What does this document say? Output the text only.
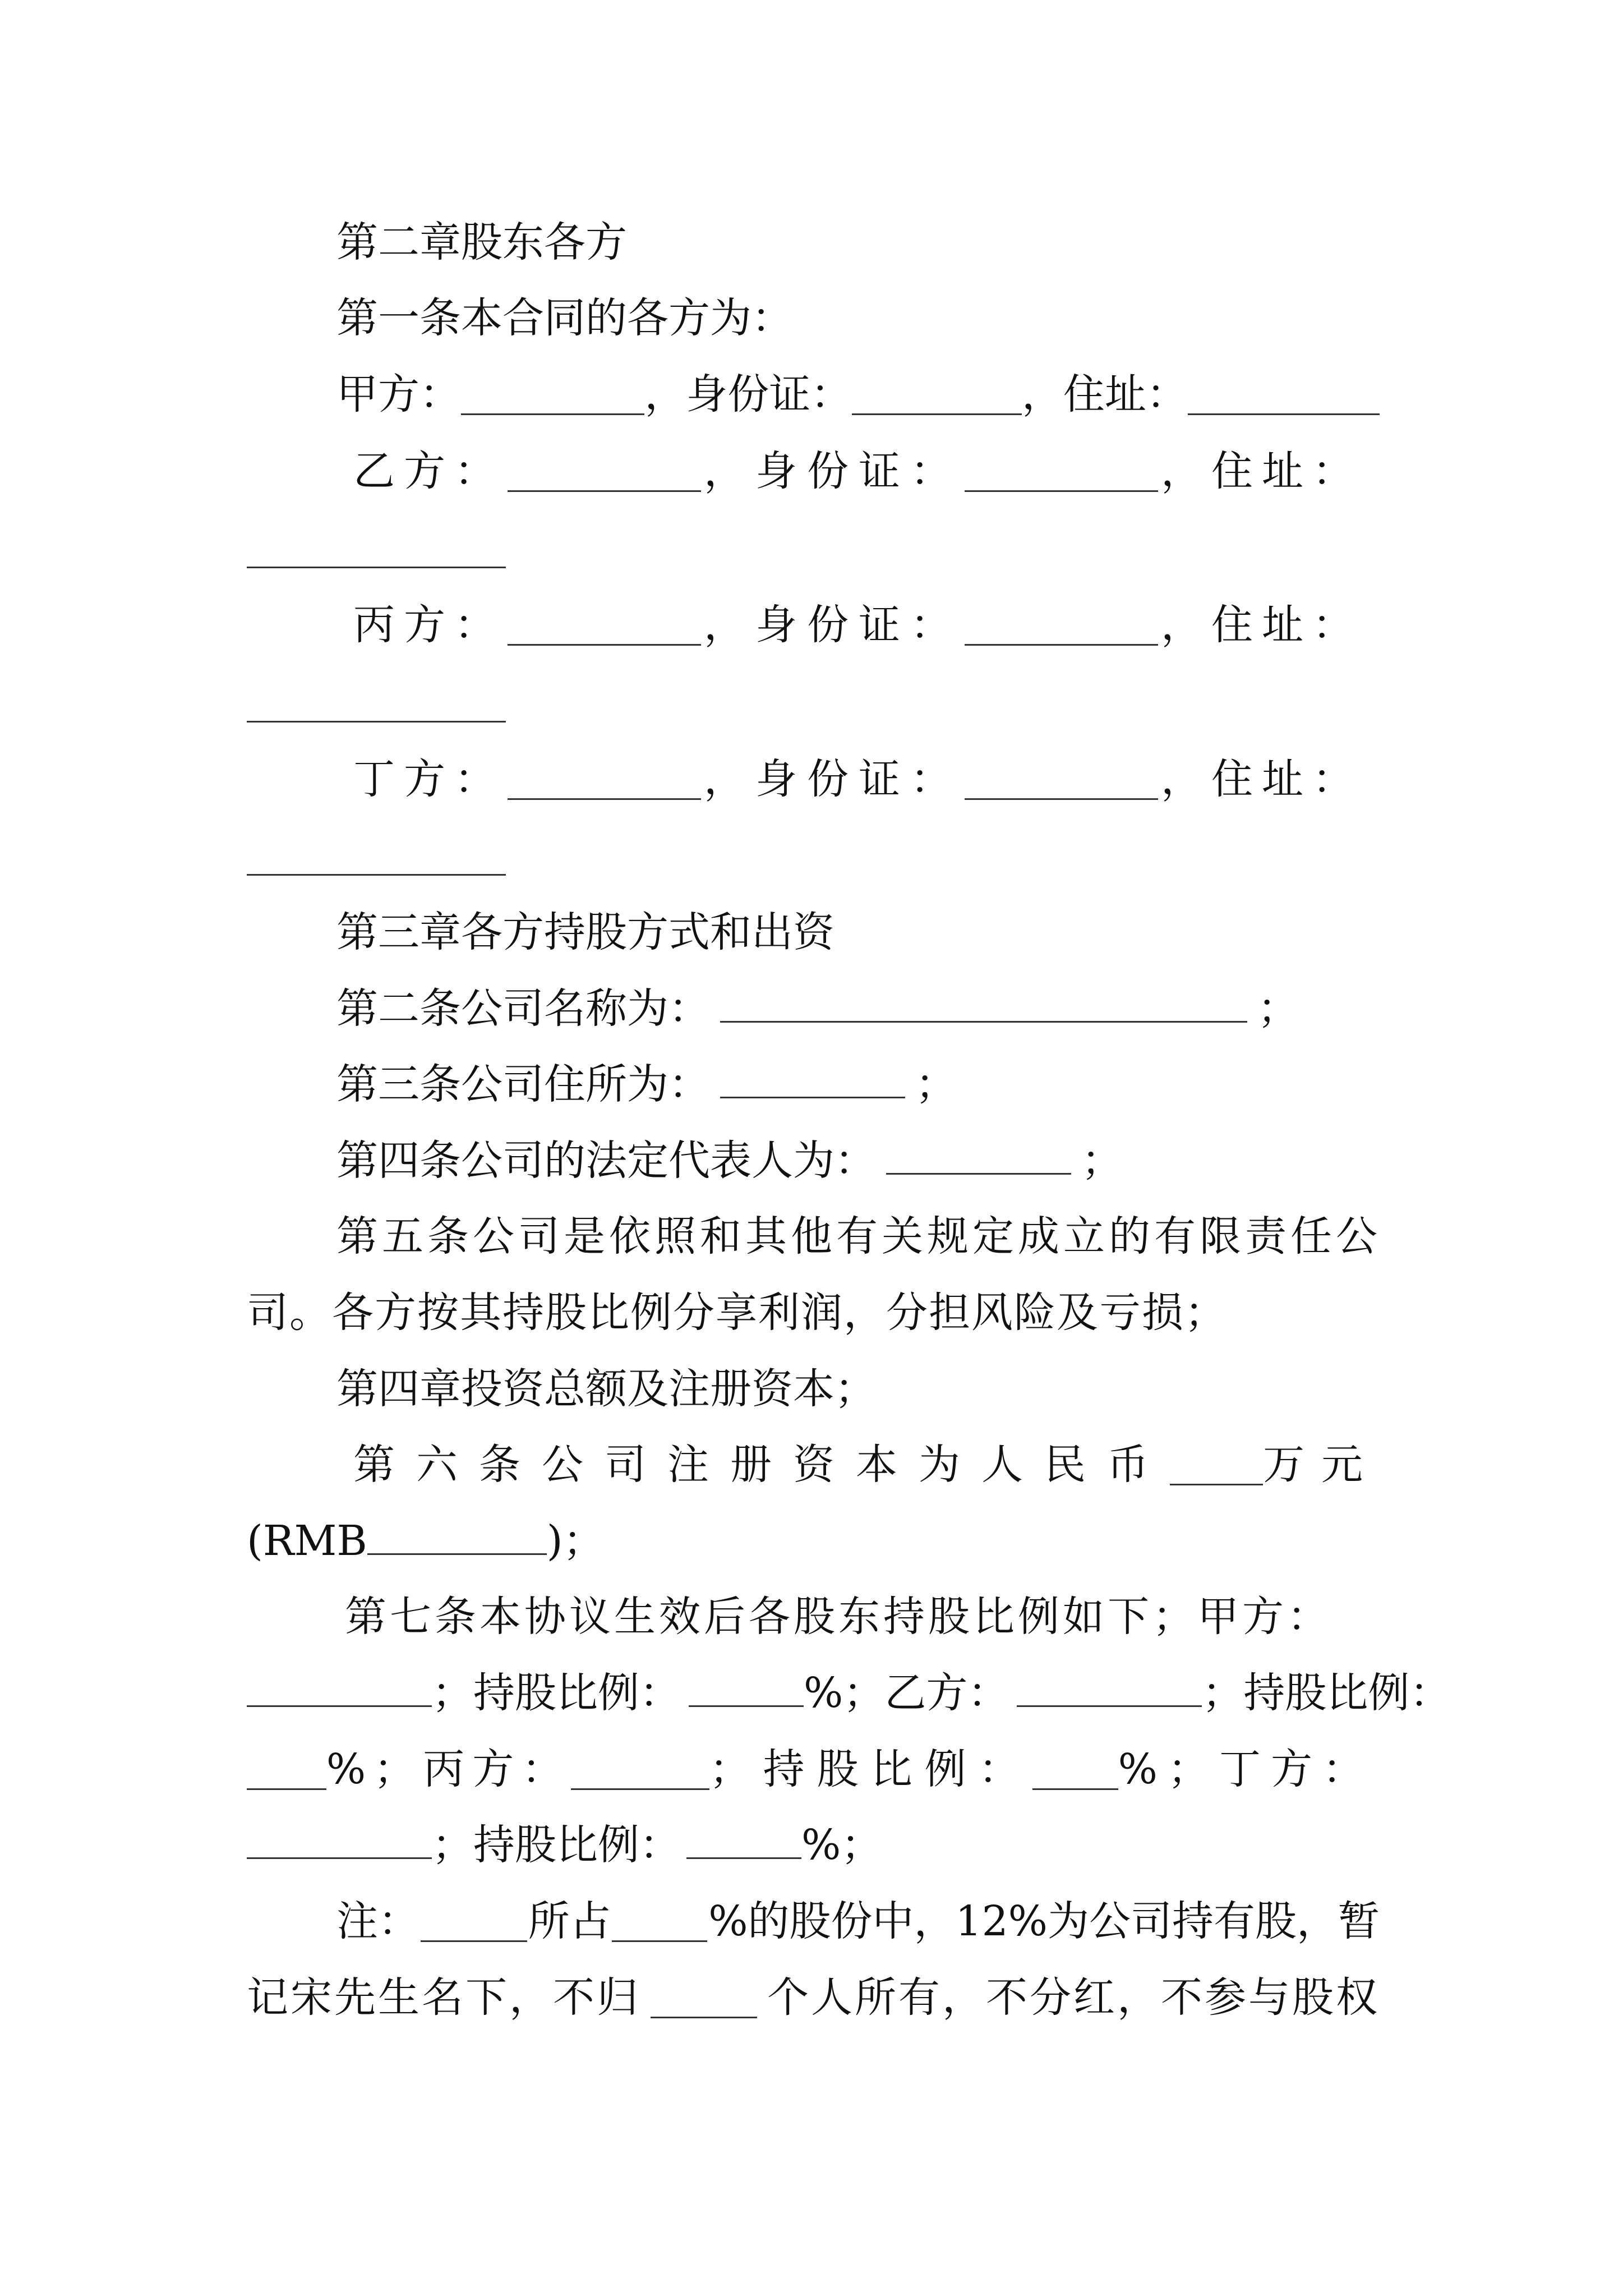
第二章股东各方
第一条本合同的各方为：
甲方：	，身份证：	，住址：
乙方：	，身份证：	，住址：
丙方：	，身份证：	，住址：
丁方：	，身份证：	，住址：
第三章各方持股方式和出资
第二条公司名称为：	；
第三条公司住所为：	；
第四条公司的法定代表人为：	；
第五条公司是依照和其他有关规定成立的有限责任公
司。各方按其持股比例分享利润，分担风险及亏损；
第四章投资总额及注册资本；
第六条公司注册资本为人民币 万元
(RMB	)；
第七条本协议生效后各股东持股比例如下；甲方：
；持股比例：	%；乙方：	；持股比例：
%；丙方：	；持股比例： %；丁方：
；持股比例：	%；
注：	所占 %的股份中，12%为公司持有股，暂
记宋先生名下，不归	个人所有，不分红，不参与股权
